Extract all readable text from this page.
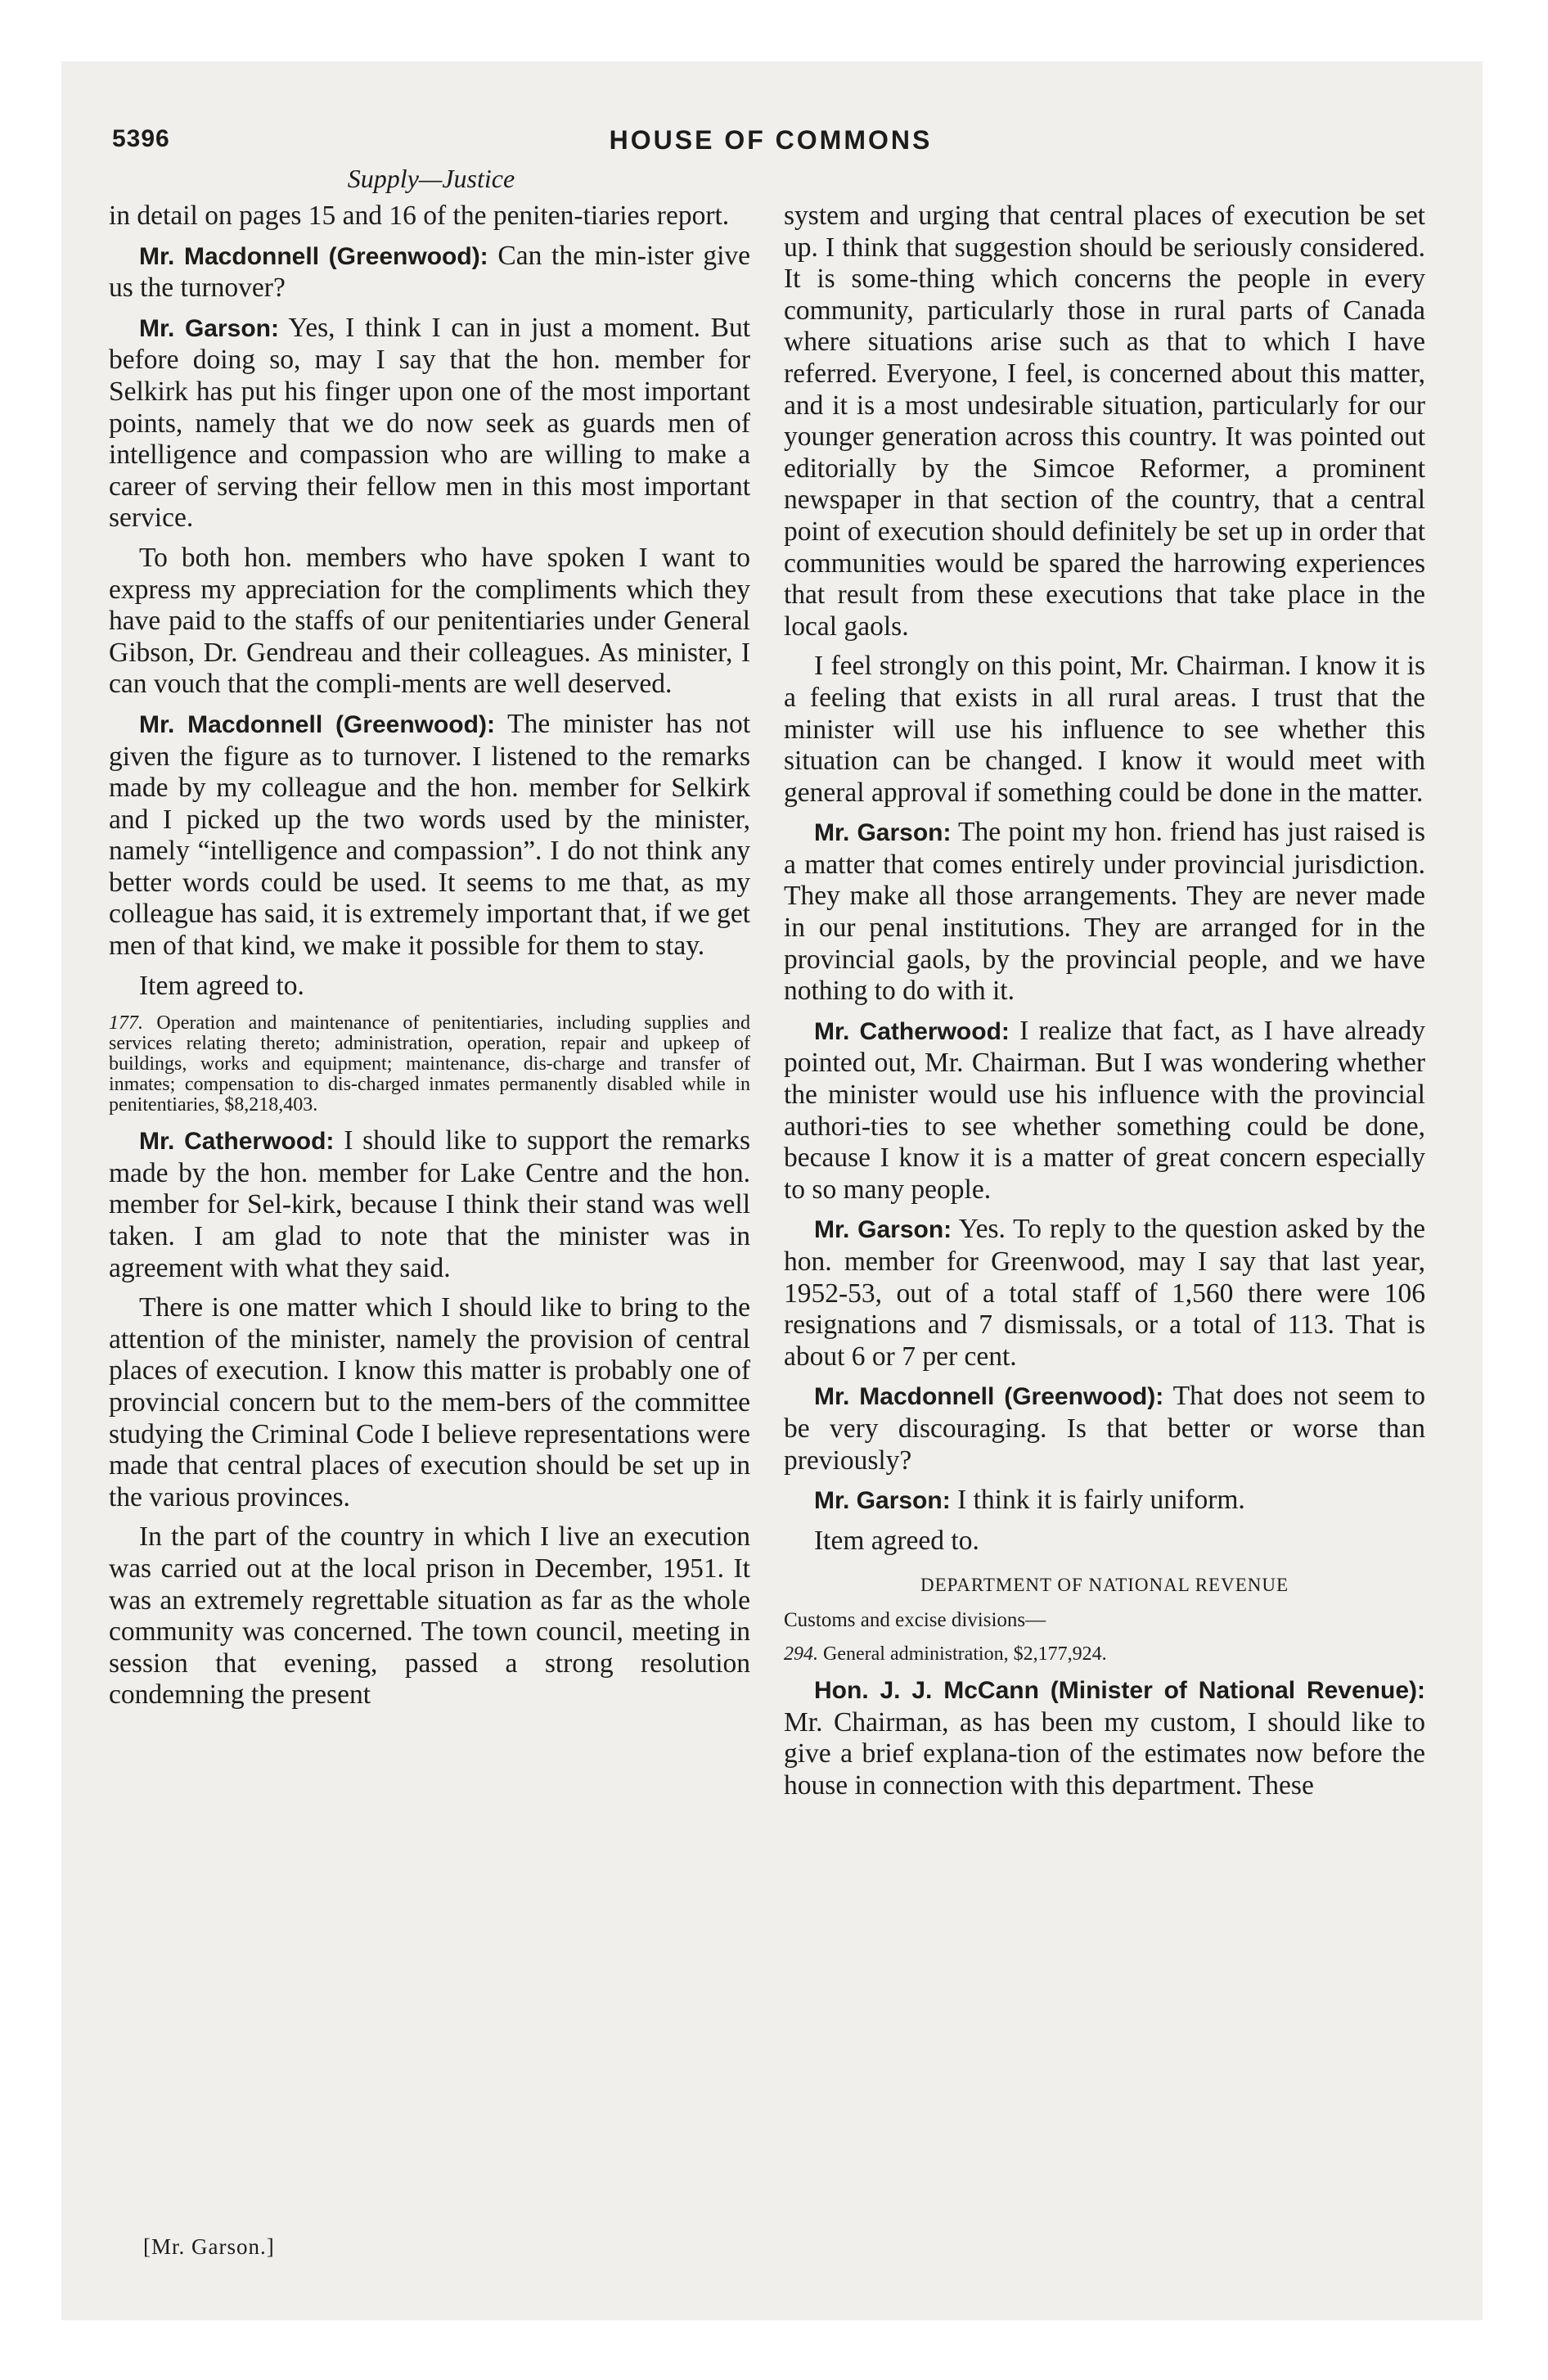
5396	HOUSE OF COMMONS
Supply—Justice

in detail on pages 15 and 16 of the peniten-tiaries report.

Mr. Macdonnell (Greenwood): Can the min-ister give us the turnover?

Mr. Garson: Yes, I think I can in just a moment. But before doing so, may I say that the hon. member for Selkirk has put his finger upon one of the most important points, namely that we do now seek as guards men of intelligence and compassion who are willing to make a career of serving their fellow men in this most important service.

To both hon. members who have spoken I want to express my appreciation for the compliments which they have paid to the staffs of our penitentiaries under General Gibson, Dr. Gendreau and their colleagues. As minister, I can vouch that the compli-ments are well deserved.

Mr. Macdonnell (Greenwood): The minister has not given the figure as to turnover. I listened to the remarks made by my colleague and the hon. member for Selkirk and I picked up the two words used by the minister, namely “intelligence and compassion”. I do not think any better words could be used. It seems to me that, as my colleague has said, it is extremely important that, if we get men of that kind, we make it possible for them to stay.

Item agreed to.

177. Operation and maintenance of penitentiaries, including supplies and services relating thereto; administration, operation, repair and upkeep of buildings, works and equipment; maintenance, dis-charge and transfer of inmates; compensation to dis-charged inmates permanently disabled while in penitentiaries, $8,218,403.

Mr. Catherwood: I should like to support the remarks made by the hon. member for Lake Centre and the hon. member for Sel-kirk, because I think their stand was well taken. I am glad to note that the minister was in agreement with what they said.

There is one matter which I should like to bring to the attention of the minister, namely the provision of central places of execution. I know this matter is probably one of provincial concern but to the mem-bers of the committee studying the Criminal Code I believe representations were made that central places of execution should be set up in the various provinces.

In the part of the country in which I live an execution was carried out at the local prison in December, 1951. It was an extremely regrettable situation as far as the whole community was concerned. The town council, meeting in session that evening, passed a strong resolution condemning the present

system and urging that central places of execution be set up. I think that suggestion should be seriously considered. It is some-thing which concerns the people in every community, particularly those in rural parts of Canada where situations arise such as that to which I have referred. Everyone, I feel, is concerned about this matter, and it is a most undesirable situation, particularly for our younger generation across this country. It was pointed out editorially by the Simcoe Reformer, a prominent newspaper in that section of the country, that a central point of execution should definitely be set up in order that communities would be spared the harrowing experiences that result from these executions that take place in the local gaols.

I feel strongly on this point, Mr. Chairman. I know it is a feeling that exists in all rural areas. I trust that the minister will use his influence to see whether this situation can be changed. I know it would meet with general approval if something could be done in the matter.

Mr. Garson: The point my hon. friend has just raised is a matter that comes entirely under provincial jurisdiction. They make all those arrangements. They are never made in our penal institutions. They are arranged for in the provincial gaols, by the provincial people, and we have nothing to do with it.

Mr. Catherwood: I realize that fact, as I have already pointed out, Mr. Chairman. But I was wondering whether the minister would use his influence with the provincial authori-ties to see whether something could be done, because I know it is a matter of great concern especially to so many people.

Mr. Garson: Yes. To reply to the question asked by the hon. member for Greenwood, may I say that last year, 1952-53, out of a total staff of 1,560 there were 106 resignations and 7 dismissals, or a total of 113. That is about 6 or 7 per cent.

Mr. Macdonnell (Greenwood): That does not seem to be very discouraging. Is that better or worse than previously?

Mr. Garson: I think it is fairly uniform.

Item agreed to.

DEPARTMENT OF NATIONAL REVENUE

Customs and excise divisions—

294. General administration, $2,177,924.

Hon. J. J. McCann (Minister of National Revenue): Mr. Chairman, as has been my custom, I should like to give a brief explana-tion of the estimates now before the house in connection with this department. These

[Mr. Garson.]
